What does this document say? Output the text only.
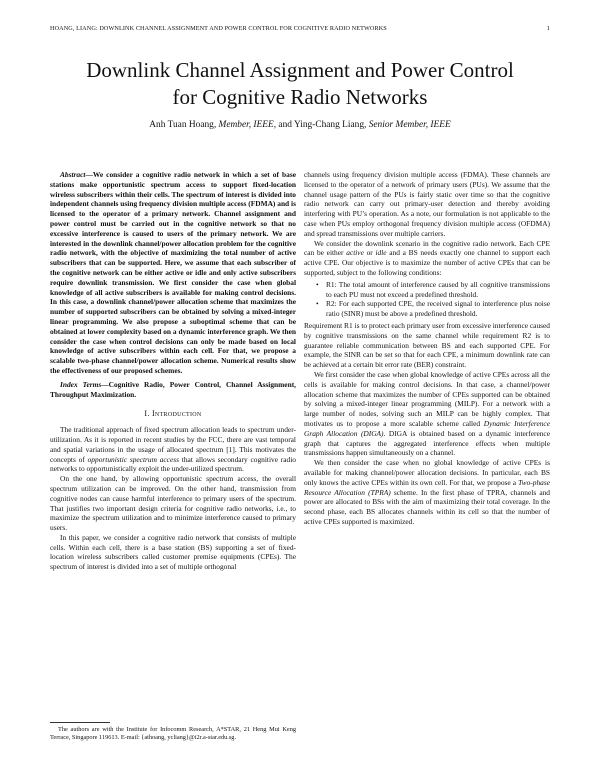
HOANG, LIANG: DOWNLINK CHANNEL ASSIGNMENT AND POWER CONTROL FOR COGNITIVE RADIO NETWORKS	1
Downlink Channel Assignment and Power Control
for Cognitive Radio Networks
Anh Tuan Hoang, Member, IEEE, and Ying-Chang Liang, Senior Member, IEEE

Abstract—We consider a cognitive radio network in which a set of base stations make opportunistic spectrum access to support fixed-location wireless subscribers within their cells. The spectrum of interest is divided into independent channels using frequency division multiple access (FDMA) and is licensed to the operator of a primary network. Channel assignment and power control must be carried out in the cognitive network so that no excessive interference is caused to users of the primary network. We are interested in the downlink channel/power allocation problem for the cognitive radio network, with the objective of maximizing the total number of active subscribers that can be supported. Here, we assume that each subscriber of the cognitive network can be either active or idle and only active subscribers require downlink transmission. We first consider the case when global knowledge of all active subscribers is available for making control decisions. In this case, a downlink channel/power allocation scheme that maximizes the number of supported subscribers can be obtained by solving a mixed-integer linear programming. We also propose a suboptimal scheme that can be obtained at lower complexity based on a dynamic interference graph. We then consider the case when control decisions can only be made based on local knowledge of active subscribers within each cell. For that, we propose a scalable two-phase channel/power allocation scheme. Numerical results show the effectiveness of our proposed schemes.

Index Terms—Cognitive Radio, Power Control, Channel Assignment, Throughput Maximization.

I. Introduction

The traditional approach of fixed spectrum allocation leads to spectrum under-utilization. As it is reported in recent studies by the FCC, there are vast temporal and spatial variations in the usage of allocated spectrum [1]. This motivates the concepts of opportunistic spectrum access that allows secondary cognitive radio networks to opportunistically exploit the under-utilized spectrum.

On the one hand, by allowing opportunistic spectrum access, the overall spectrum utilization can be improved. On the other hand, transmission from cognitive nodes can cause harmful interference to primary users of the spectrum. That justifies two important design criteria for cognitive radio networks, i.e., to maximize the spectrum utilization and to minimize interference caused to primary users.

In this paper, we consider a cognitive radio network that consists of multiple cells. Within each cell, there is a base station (BS) supporting a set of fixed-location wireless subscribers called customer premise equipments (CPEs). The spectrum of interest is divided into a set of multiple orthogonal

The authors are with the Institute for Infocomm Research, A*STAR, 21 Heng Mui Keng Terrace, Singapore 119613. E-mail: {athoang, ycliang}@i2r.a-star.edu.sg.

channels using frequency division multiple access (FDMA). These channels are licensed to the operator of a network of primary users (PUs). We assume that the channel usage pattern of the PUs is fairly static over time so that the cognitive radio network can carry out primary-user detection and thereby avoiding interfering with PU’s operation. As a note, our formulation is not applicable to the case when PUs employ orthogonal frequency division multiple access (OFDMA) and spread transmissions over multiple carriers.

We consider the downlink scenario in the cognitive radio network. Each CPE can be either active or idle and a BS needs exactly one channel to support each active CPE. Our objective is to maximize the number of active CPEs that can be supported, subject to the following conditions:

• R1: The total amount of interference caused by all cognitive transmissions to each PU must not exceed a predefined threshold.
• R2: For each supported CPE, the received signal to interference plus noise ratio (SINR) must be above a predefined threshold.

Requirement R1 is to protect each primary user from excessive interference caused by cognitive transmissions on the same channel while requirement R2 is to guarantee reliable communication between BS and each supported CPE. For example, the SINR can be set so that for each CPE, a minimum downlink rate can be achieved at a certain bit error rate (BER) constraint.

We first consider the case when global knowledge of active CPEs across all the cells is available for making control decisions. In that case, a channel/power allocation scheme that maximizes the number of CPEs supported can be obtained by solving a mixed-integer linear programming (MILP). For a network with a large number of nodes, solving such an MILP can be highly complex. That motivates us to propose a more scalable scheme called Dynamic Interference Graph Allocation (DIGA). DIGA is obtained based on a dynamic interference graph that captures the aggregated interference effects when multiple transmissions happen simultaneously on a channel.

We then consider the case when no global knowledge of active CPEs is available for making channel/power allocation decisions. In particular, each BS only knows the active CPEs within its own cell. For that, we propose a Two-phase Resource Allocation (TPRA) scheme. In the first phase of TPRA, channels and power are allocated to BSs with the aim of maximizing their total coverage. In the second phase, each BS allocates channels within its cell so that the number of active CPEs supported is maximized.
